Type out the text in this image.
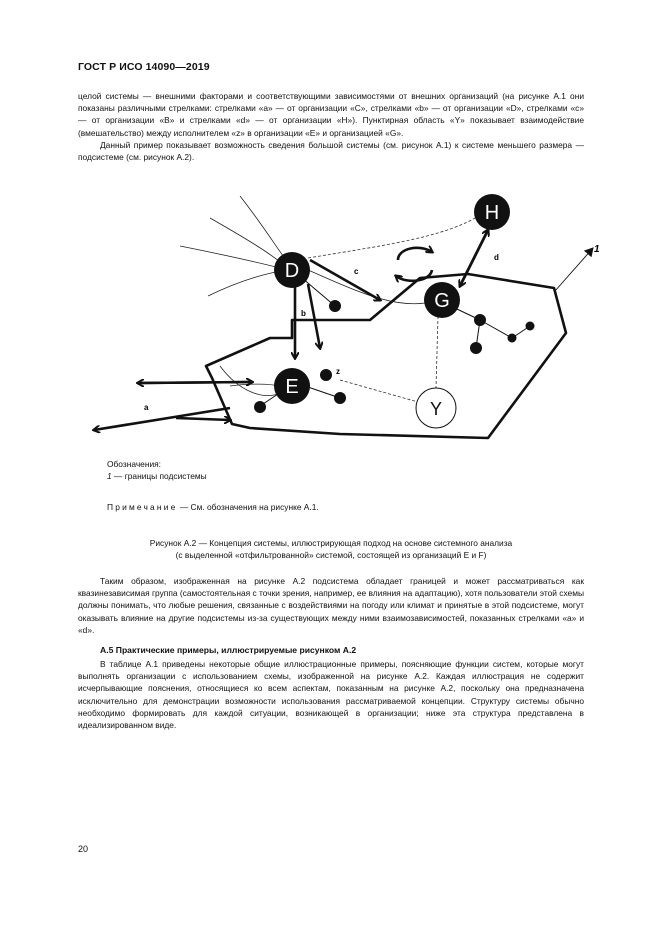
ГОСТ Р ИСО 14090—2019

целой системы — внешними факторами и соответствующими зависимостями от внешних организаций (на рисунке A.1 они показаны различными стрелками: стрелками «a» — от организации «C», стрелками «b» — от организации «D», стрелками «c» — от организации «B» и стрелками «d» — от организации «H»). Пунктирная область «Y» показывает взаимодействие (вмешательство) между исполнителем «z» в организации «E» и организацией «G».

Данный пример показывает возможность сведения большой системы (см. рисунок A.1) к системе меньшего размера — подсистеме (см. рисунок A.2).

1
D
E
G
H
Y
a
b
c
d
z
Обозначения:
1 — границы подсистемы
Примечание — См. обозначения на рисунке A.1.
Рисунок A.2 — Концепция системы, иллюстрирующая подход на основе системного анализа
(с выделенной «отфильтрованной» системой, состоящей из организаций E и F)

Таким образом, изображенная на рисунке A.2 подсистема обладает границей и может рассматриваться как квазинезависимая группа (самостоятельная с точки зрения, например, ее влияния на адаптацию), хотя пользователи этой схемы должны понимать, что любые решения, связанные с воздействиями на погоду или климат и принятые в этой подсистеме, могут оказывать влияние на другие подсистемы из-за существующих между ними взаимозависимостей, показанных стрелками «a» и «d».

A.5 Практические примеры, иллюстрируемые рисунком A.2

В таблице A.1 приведены некоторые общие иллюстрационные примеры, поясняющие функции систем, которые могут выполнять организации с использованием схемы, изображенной на рисунке A.2. Каждая иллюстрация не содержит исчерпывающие пояснения, относящиеся ко всем аспектам, показанным на рисунке A.2, поскольку она предназначена исключительно для демонстрации возможности использования рассматриваемой концепции. Структуру системы обычно необходимо формировать для каждой ситуации, возникающей в организации; ниже эта структура представлена в идеализированном виде.

20
